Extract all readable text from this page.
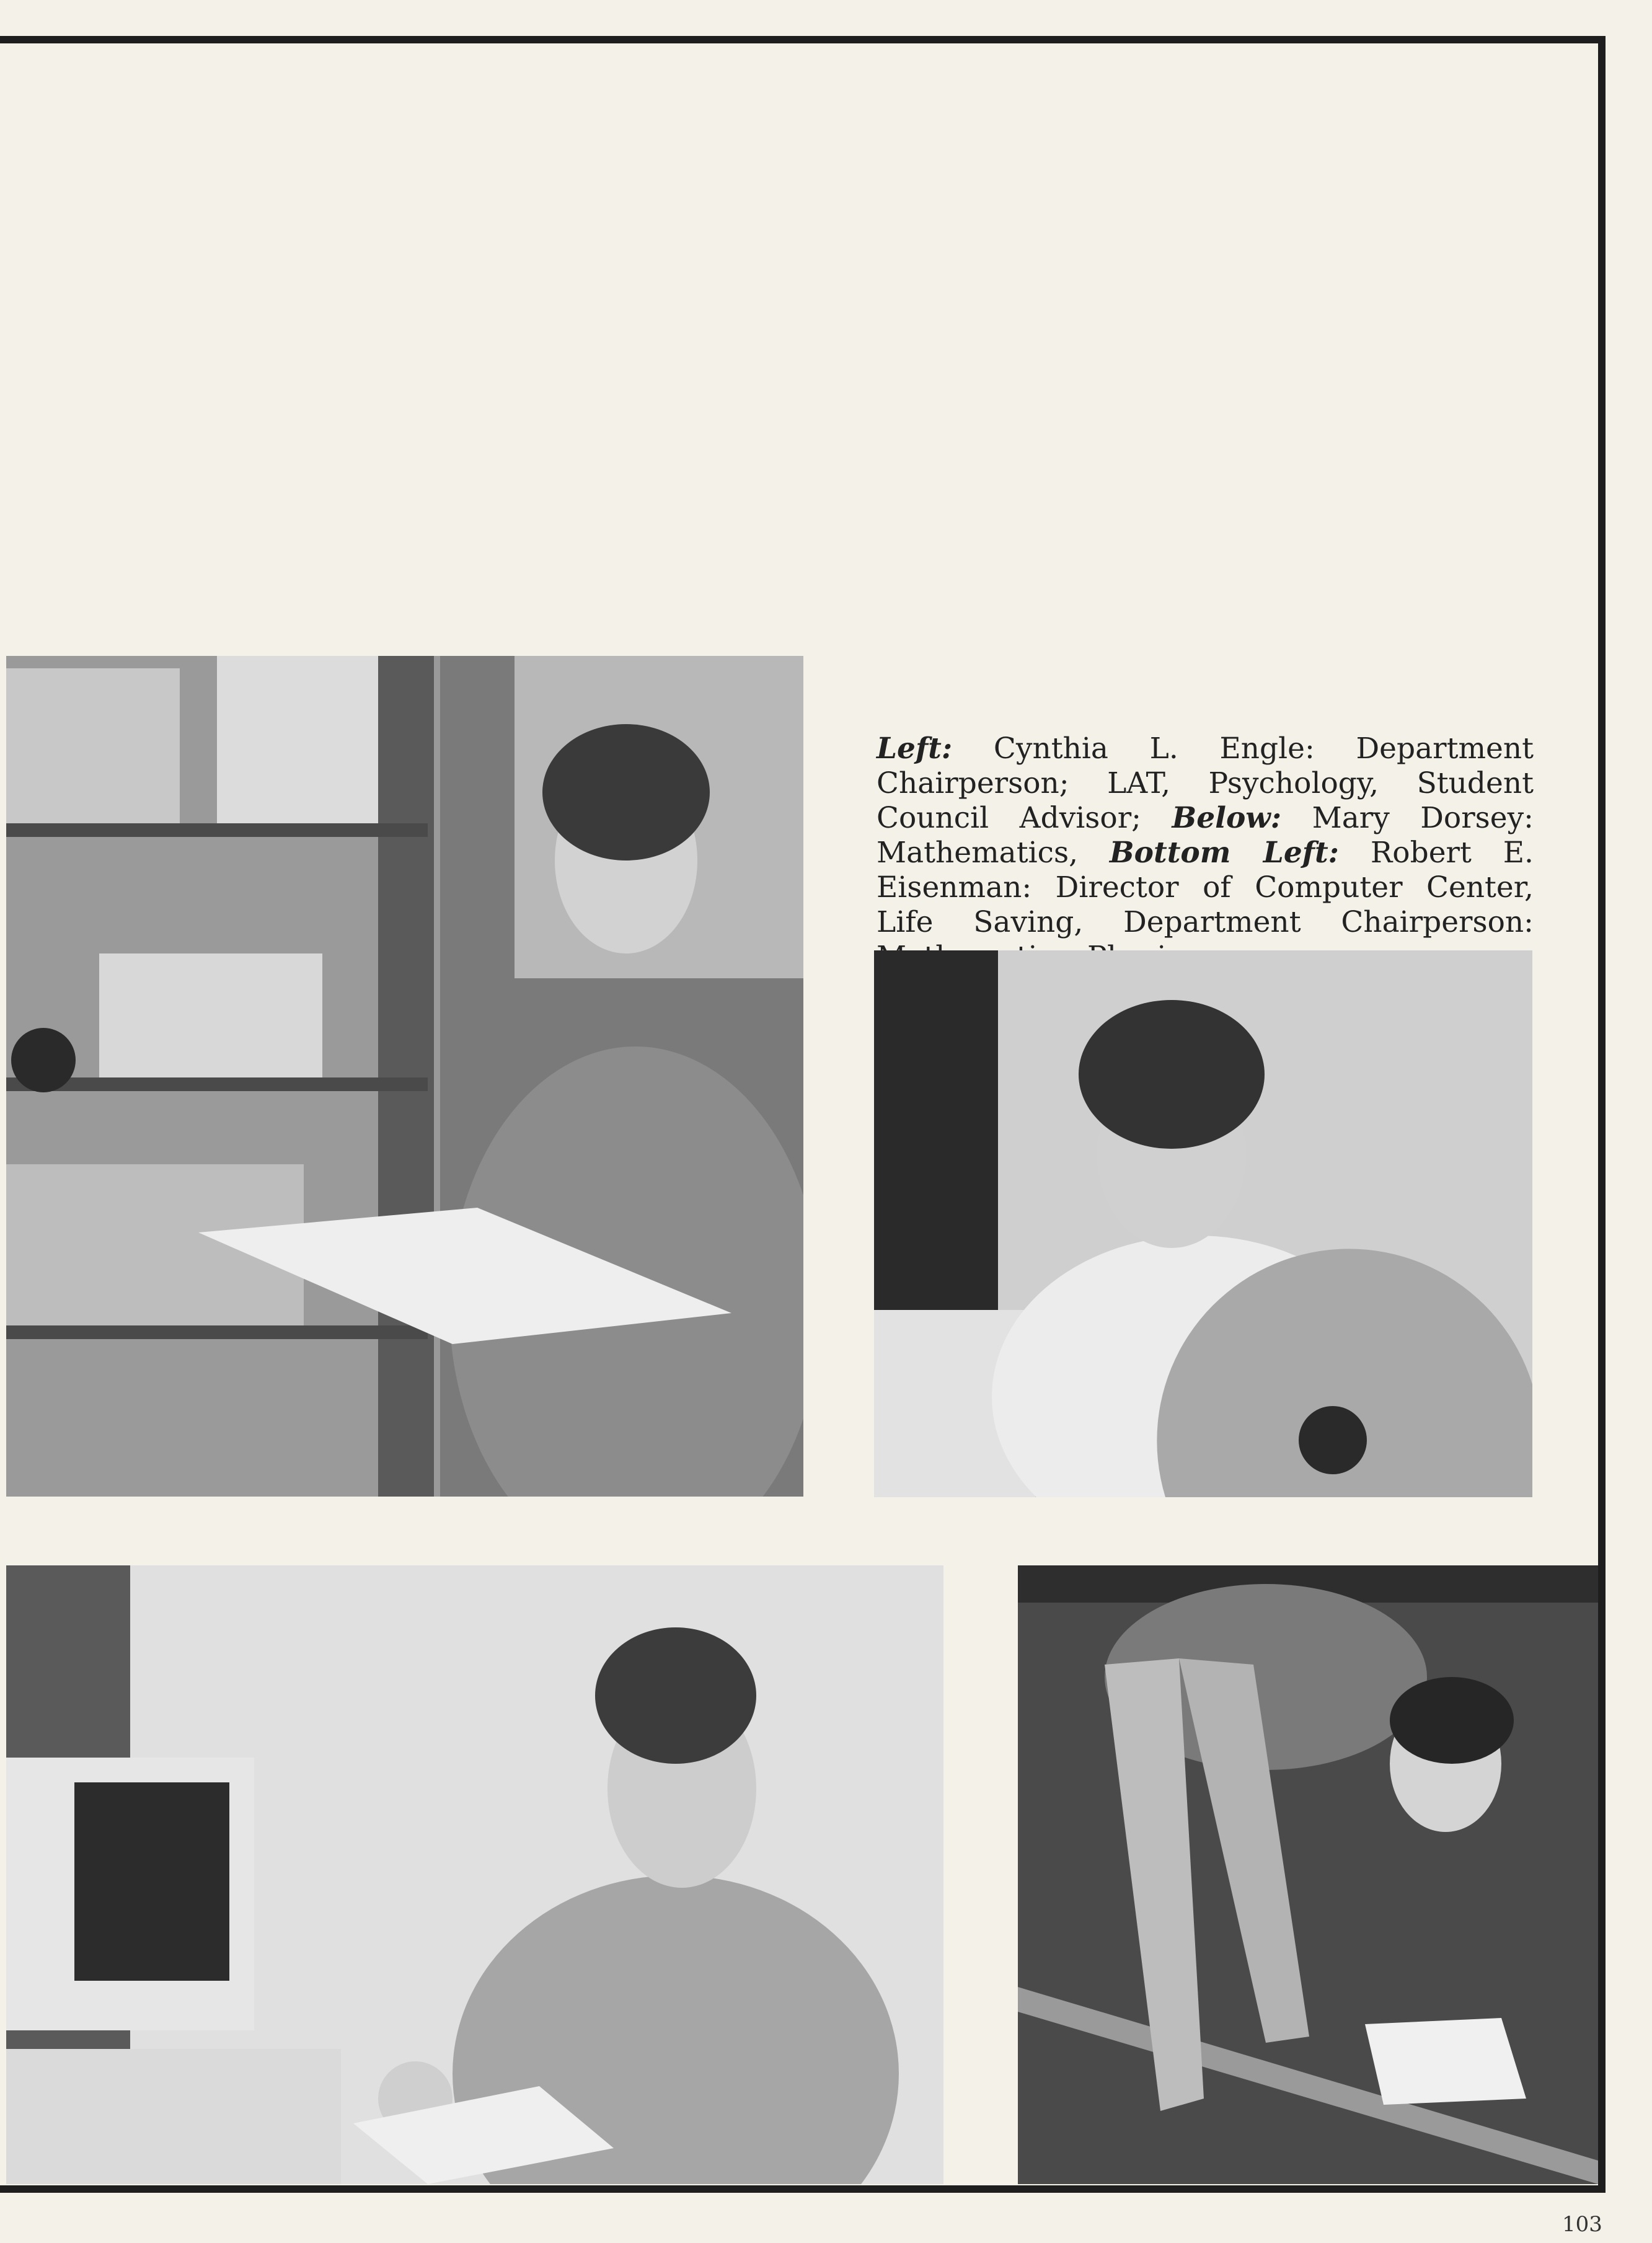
Left: Cynthia L. Engle: Department Chairperson; LAT, Psychology, Student Council Advisor; Below: Mary Dorsey: Mathematics, Bottom Left: Robert E. Eisenman: Director of Computer Center, Life Saving, Department Chairperson:
103
